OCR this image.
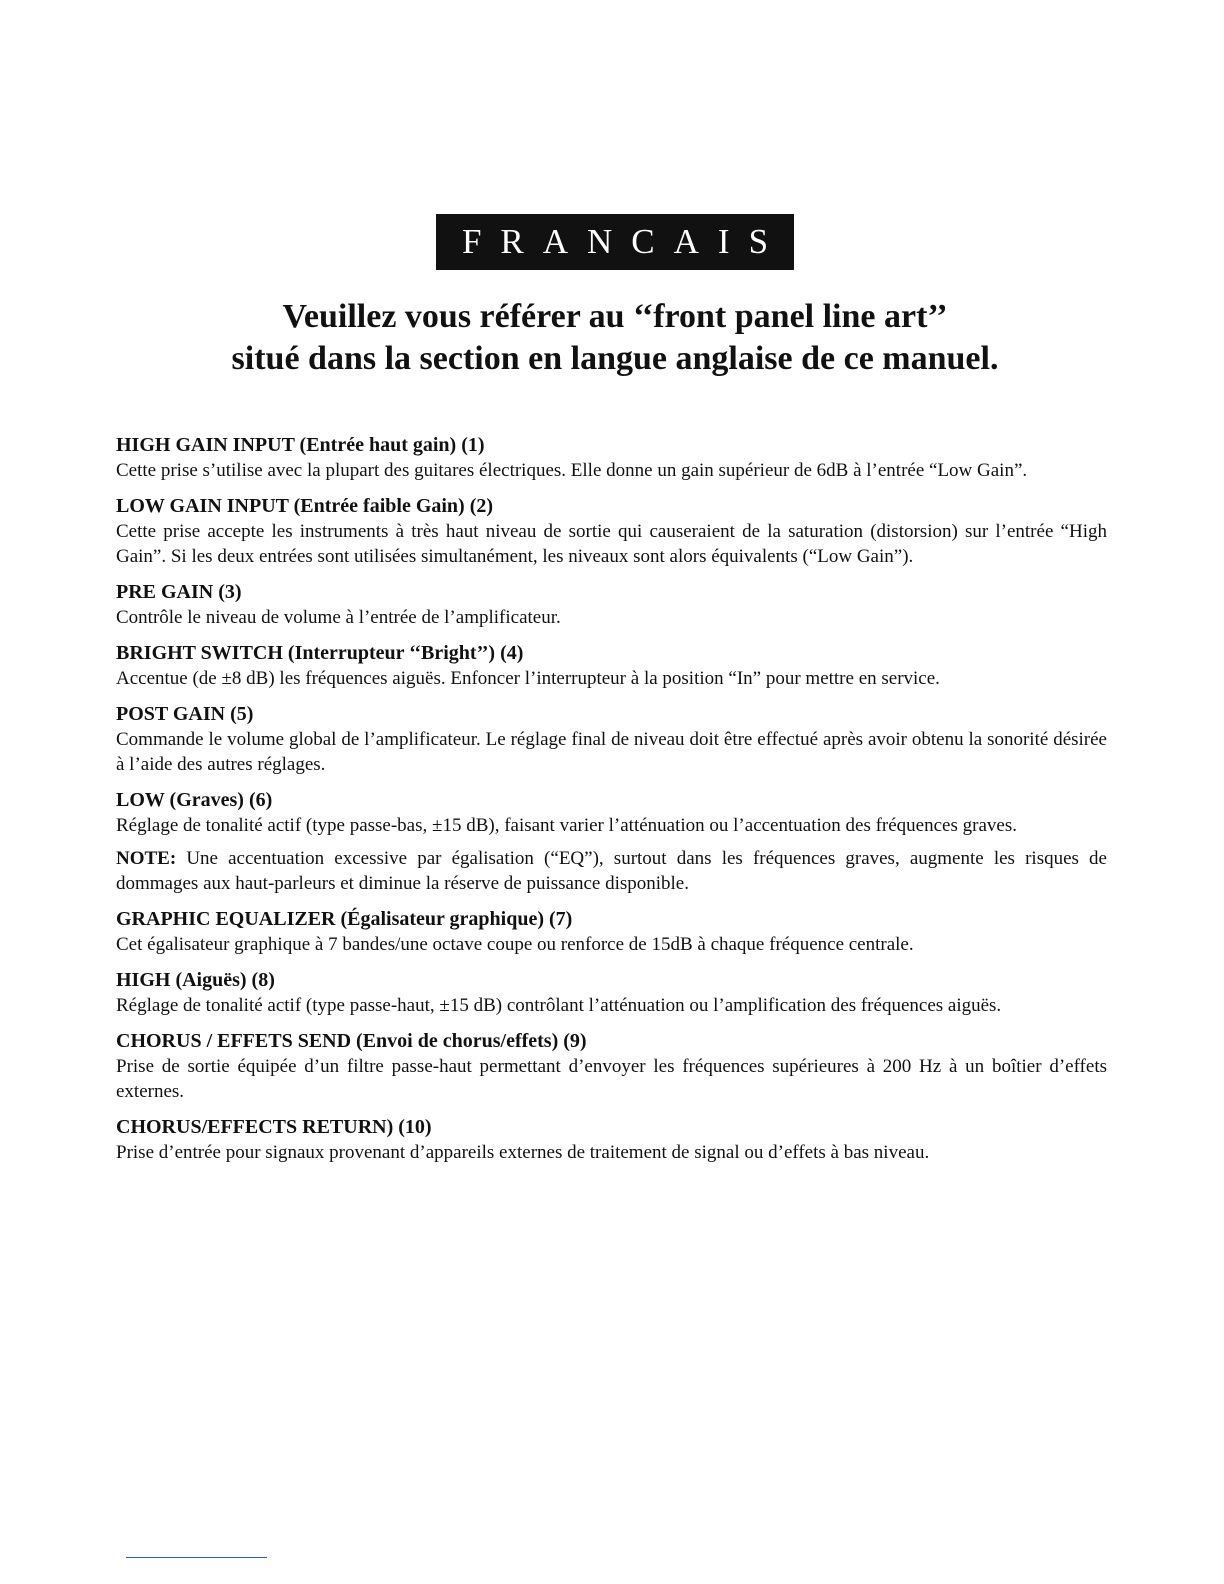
FRANCAIS
Veuillez vous référer au ‘‘front panel line art’’
situé dans la section en langue anglaise de ce manuel.
HIGH GAIN INPUT (Entrée haut gain) (1)
Cette prise s’utilise avec la plupart des guitares électriques. Elle donne un gain supérieur de 6dB à l’entrée “Low Gain”.
LOW GAIN INPUT (Entrée faible Gain) (2)
Cette prise accepte les instruments à très haut niveau de sortie qui causeraient de la saturation (distorsion) sur l’entrée “High Gain”. Si les deux entrées sont utilisées simultanément, les niveaux sont alors équivalents (“Low Gain”).
PRE GAIN (3)
Contrôle le niveau de volume à l’entrée de l’amplificateur.
BRIGHT SWITCH (Interrupteur ‘‘Bright’’) (4)
Accentue (de ±8 dB) les fréquences aiguës. Enfoncer l’interrupteur à la position “In” pour mettre en service.
POST GAIN (5)
Commande le volume global de l’amplificateur. Le réglage final de niveau doit être effectué après avoir obtenu la sonorité désirée à l’aide des autres réglages.
LOW (Graves) (6)
Réglage de tonalité actif (type passe-bas, ±15 dB), faisant varier l’atténuation ou l’accentuation des fréquences graves.
NOTE: Une accentuation excessive par égalisation (“EQ”), surtout dans les fréquences graves, augmente les risques de dommages aux haut-parleurs et diminue la réserve de puissance disponible.
GRAPHIC EQUALIZER (Égalisateur graphique) (7)
Cet égalisateur graphique à 7 bandes/une octave coupe ou renforce de 15dB à chaque fréquence centrale.
HIGH (Aiguës) (8)
Réglage de tonalité actif (type passe-haut, ±15 dB) contrôlant l’atténuation ou l’amplification des fréquences aiguës.
CHORUS / EFFETS SEND (Envoi de chorus/effets) (9)
Prise de sortie équipée d’un filtre passe-haut permettant d’envoyer les fréquences supérieures à 200 Hz à un boîtier d’effets externes.
CHORUS/EFFECTS RETURN) (10)
Prise d’entrée pour signaux provenant d’appareils externes de traitement de signal ou d’effets à bas niveau.
